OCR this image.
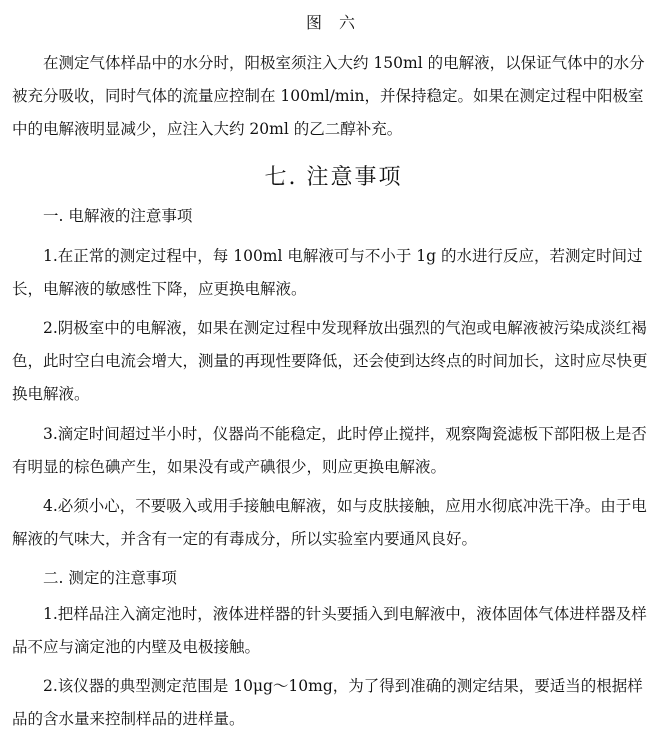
图 六

在测定气体样品中的水分时，阳极室须注入大约 150ml 的电解液，以保证气体中的水分被充分吸收，同时气体的流量应控制在 100ml/min，并保持稳定。如果在测定过程中阳极室中的电解液明显减少，应注入大约 20ml 的乙二醇补充。

七. 注意事项

一. 电解液的注意事项

1.在正常的测定过程中，每 100ml 电解液可与不小于 1g 的水进行反应，若测定时间过长，电解液的敏感性下降，应更换电解液。

2.阴极室中的电解液，如果在测定过程中发现释放出强烈的气泡或电解液被污染成淡红褐色，此时空白电流会增大，测量的再现性要降低，还会使到达终点的时间加长，这时应尽快更换电解液。

3.滴定时间超过半小时，仪器尚不能稳定，此时停止搅拌，观察陶瓷滤板下部阳极上是否有明显的棕色碘产生，如果没有或产碘很少，则应更换电解液。

4.必须小心，不要吸入或用手接触电解液，如与皮肤接触，应用水彻底冲洗干净。由于电解液的气味大，并含有一定的有毒成分，所以实验室内要通风良好。

二. 测定的注意事项

1.把样品注入滴定池时，液体进样器的针头要插入到电解液中，液体固体气体进样器及样品不应与滴定池的内壁及电极接触。

2.该仪器的典型测定范围是 10μg～10mg，为了得到准确的测定结果，要适当的根据样品的含水量来控制样品的进样量。
